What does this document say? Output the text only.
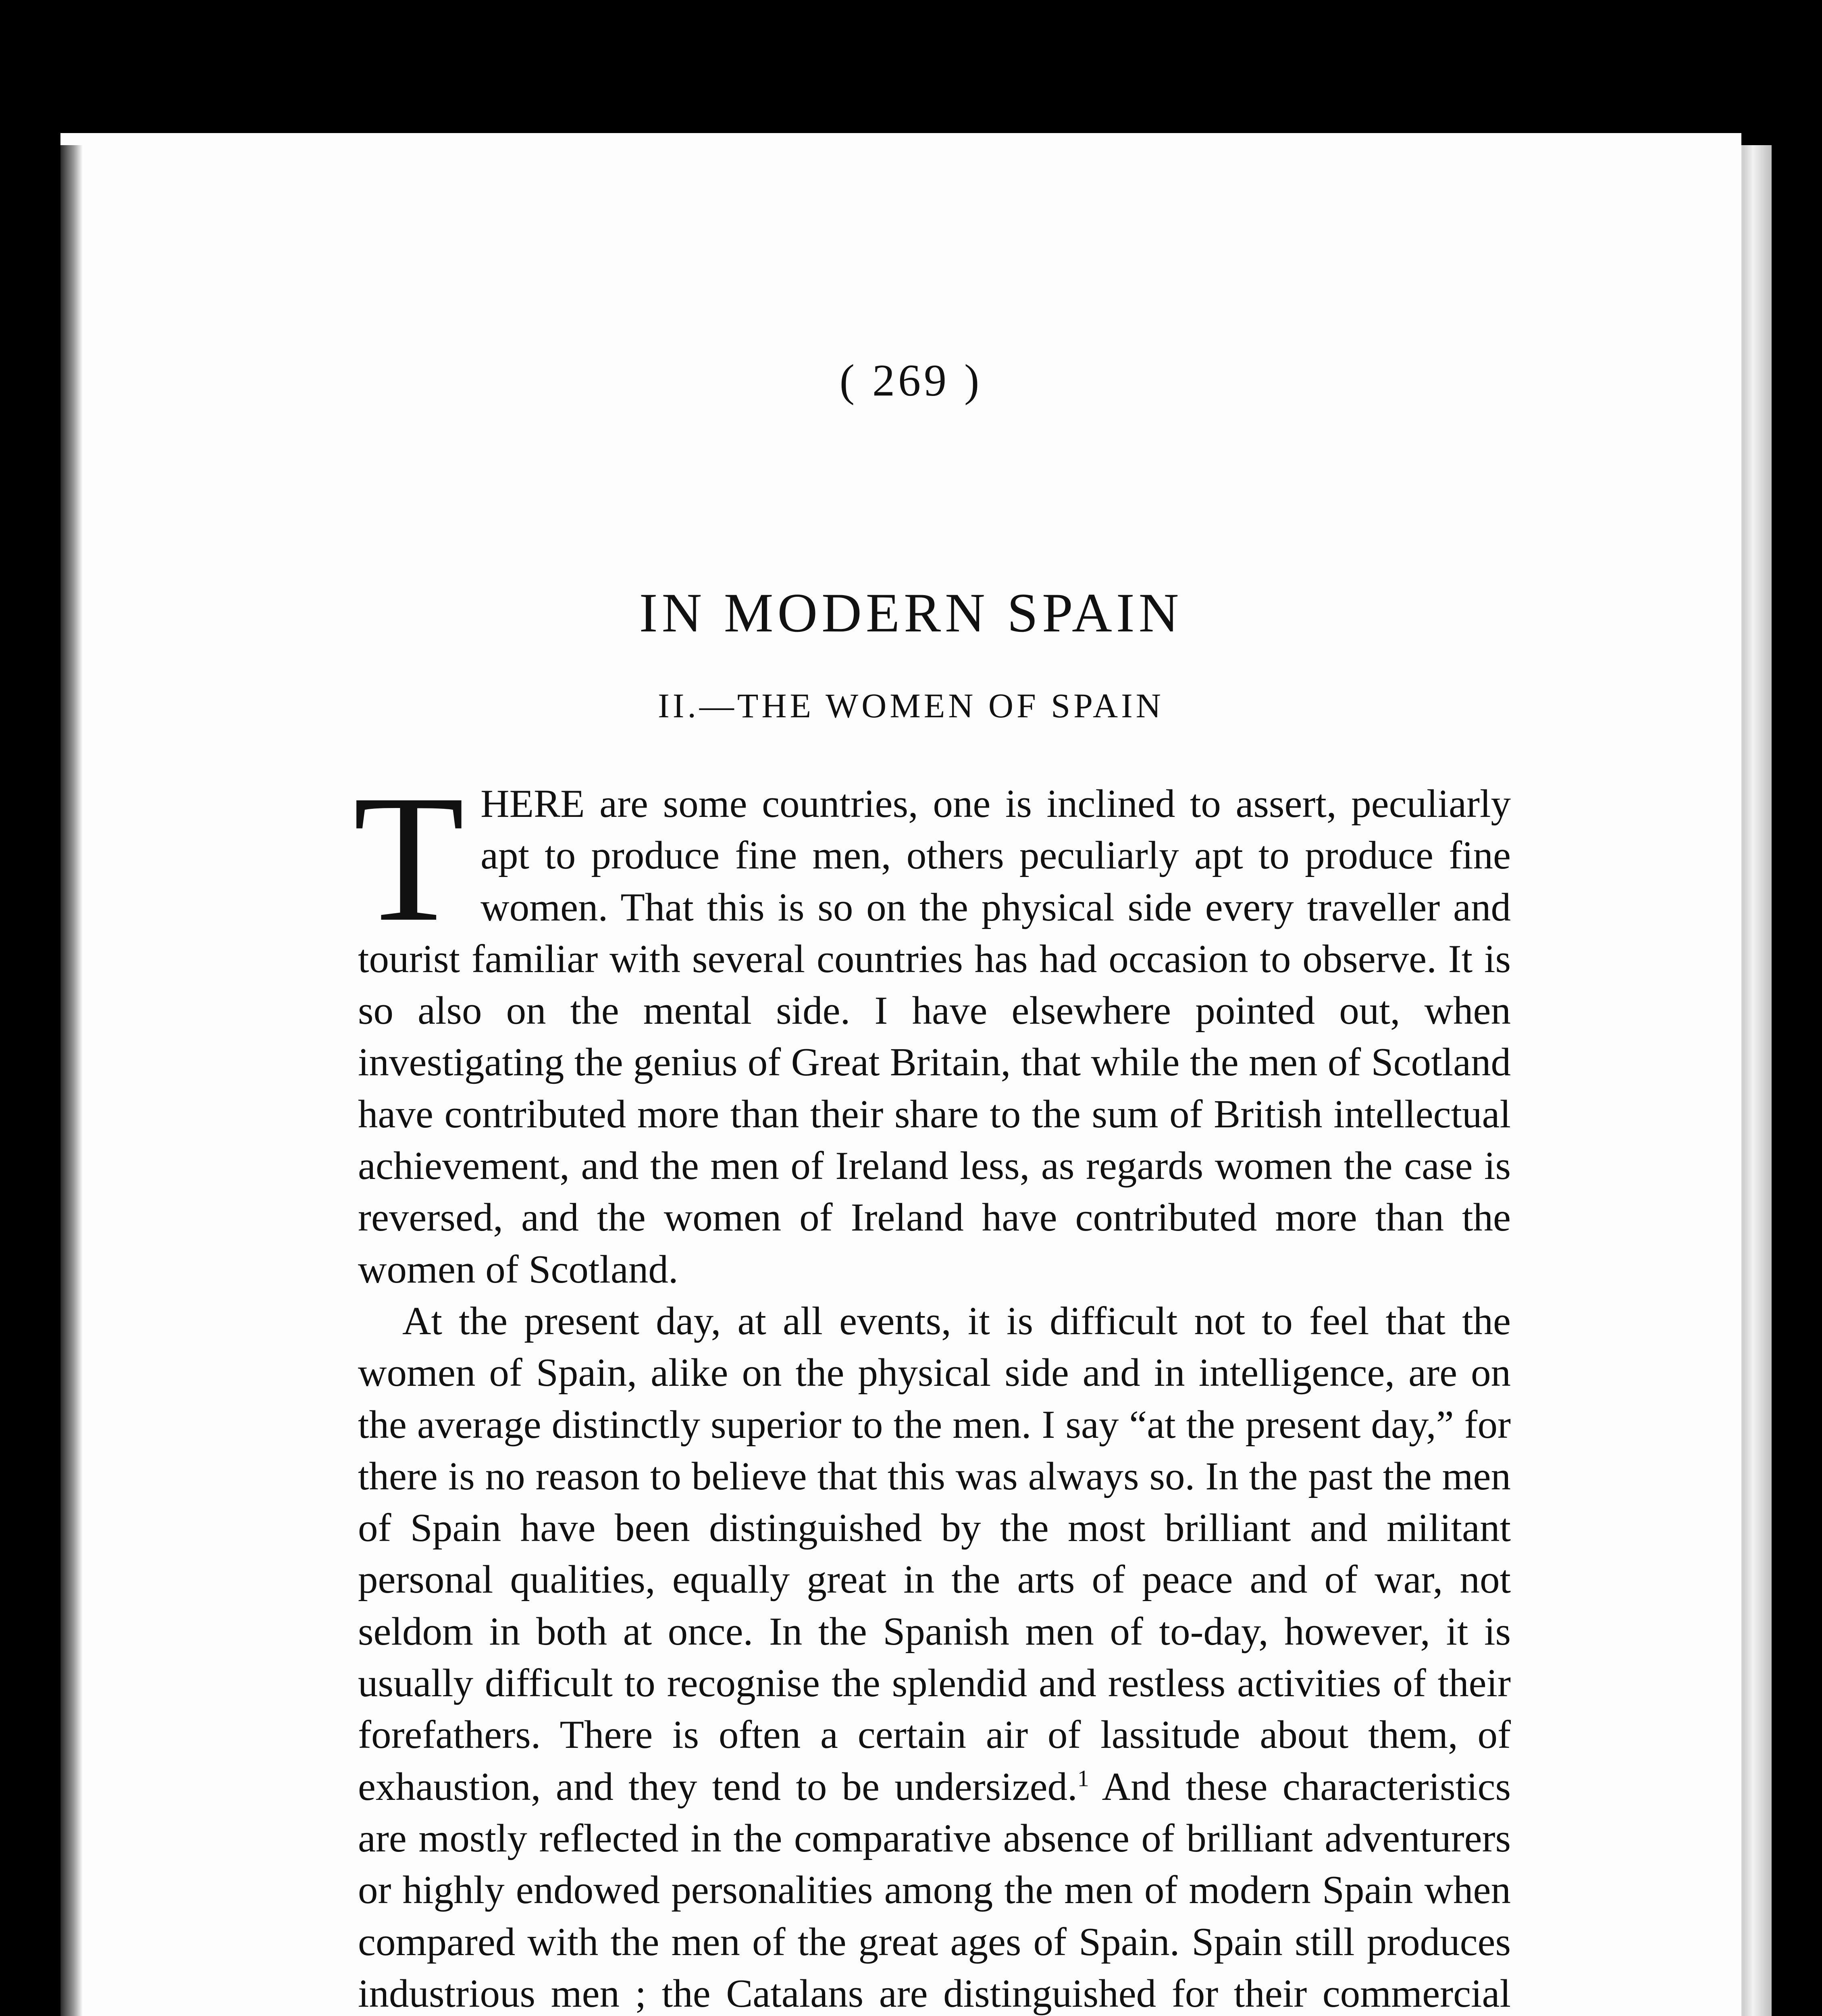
( 269 )
IN MODERN SPAIN
II.—THE WOMEN OF SPAIN

THERE are some countries, one is inclined to assert, peculiarly apt to produce fine men, others peculiarly apt to produce fine women. That this is so on the physical side every traveller and tourist familiar with several countries has had occasion to observe. It is so also on the mental side. I have elsewhere pointed out, when investigating the genius of Great Britain, that while the men of Scotland have contributed more than their share to the sum of British intellectual achievement, and the men of Ireland less, as regards women the case is reversed, and the women of Ireland have contributed more than the women of Scotland.

At the present day, at all events, it is difficult not to feel that the women of Spain, alike on the physical side and in intelligence, are on the average distinctly superior to the men. I say “at the present day,” for there is no reason to believe that this was always so. In the past the men of Spain have been distinguished by the most brilliant and militant personal qualities, equally great in the arts of peace and of war, not seldom in both at once. In the Spanish men of to-day, however, it is usually difficult to recognise the splendid and restless activities of their forefathers. There is often a certain air of lassitude about them, of exhaustion, and they tend to be undersized.$^1$ And these characteristics are mostly reflected in the comparative absence of brilliant adventurers or highly endowed personalities among the men of modern Spain when compared with the men of the great ages of Spain. Spain still produces industrious men ; the Catalans are distinguished for their commercial
